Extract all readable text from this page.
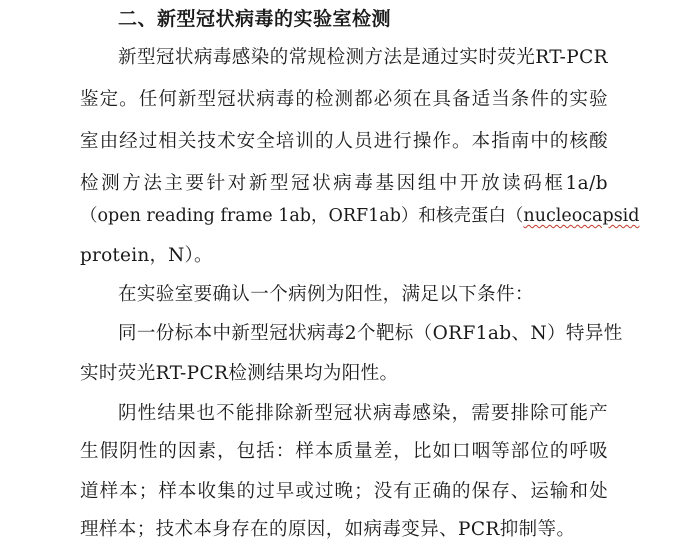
二、新型冠状病毒的实验室检测
新型冠状病毒感染的常规检测方法是通过实时荧光RT-PCR
鉴定。任何新型冠状病毒的检测都必须在具备适当条件的实验
室由经过相关技术安全培训的人员进行操作。本指南中的核酸
检测方法主要针对新型冠状病毒基因组中开放读码框1a/b
（open reading frame 1ab，ORF1ab）和核壳蛋白（nucleocapsid
protein，N）。
在实验室要确认一个病例为阳性，满足以下条件：
同一份标本中新型冠状病毒2个靶标（ORF1ab、N）特异性
实时荧光RT-PCR检测结果均为阳性。
阴性结果也不能排除新型冠状病毒感染，需要排除可能产
生假阴性的因素，包括：样本质量差，比如口咽等部位的呼吸
道样本；样本收集的过早或过晚；没有正确的保存、运输和处
理样本；技术本身存在的原因，如病毒变异、PCR抑制等。
